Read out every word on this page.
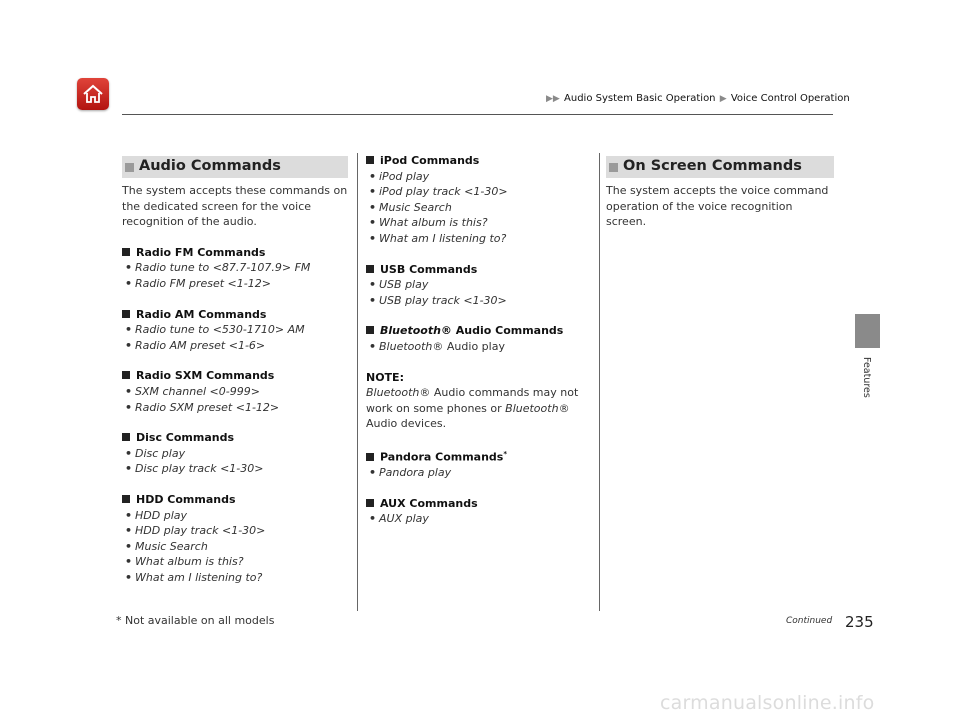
▶▶ Audio System Basic Operation ▶ Voice Control Operation
Audio Commands
The system accepts these commands on the dedicated screen for the voice recognition of the audio.
Radio FM Commands
• Radio tune to <87.7-107.9> FM
• Radio FM preset <1-12>
Radio AM Commands
• Radio tune to <530-1710> AM
• Radio AM preset <1-6>
Radio SXM Commands
• SXM channel <0-999>
• Radio SXM preset <1-12>
Disc Commands
• Disc play
• Disc play track <1-30>
HDD Commands
• HDD play
• HDD play track <1-30>
• Music Search
• What album is this?
• What am I listening to?
iPod Commands
• iPod play
• iPod play track <1-30>
• Music Search
• What album is this?
• What am I listening to?
USB Commands
• USB play
• USB play track <1-30>
Bluetooth® Audio Commands
• Bluetooth® Audio play
NOTE:
Bluetooth® Audio commands may not work on some phones or Bluetooth® Audio devices.
Pandora Commands*
• Pandora play
AUX Commands
• AUX play
On Screen Commands
The system accepts the voice command operation of the voice recognition screen.
Features
* Not available on all models	Continued 235
carmanualsonline.info
